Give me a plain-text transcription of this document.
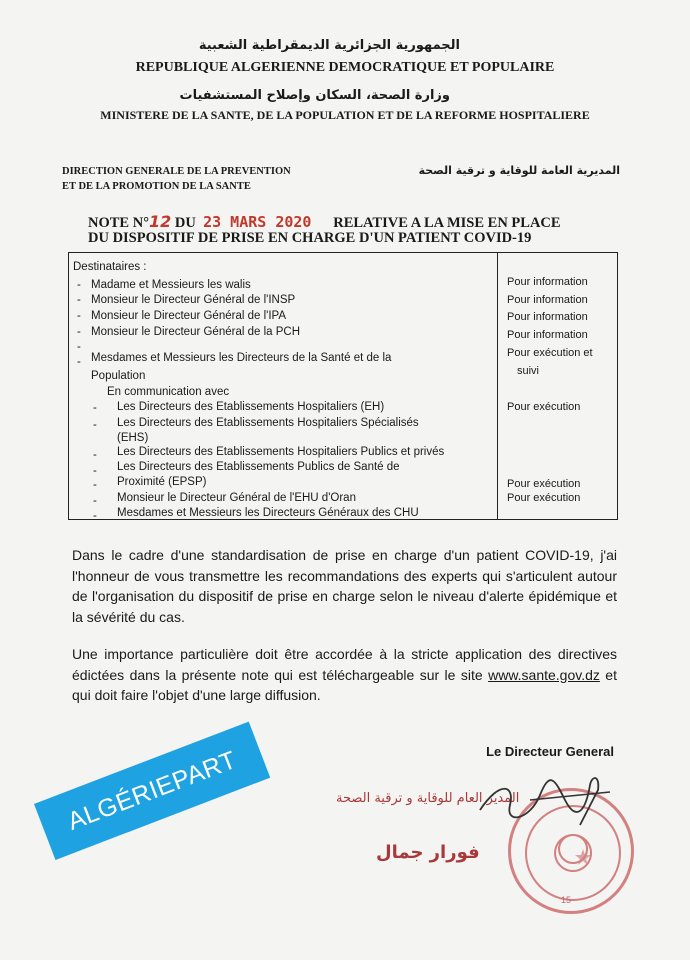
الجمهورية الجزائرية الديمقراطية الشعبية
REPUBLIQUE ALGERIENNE DEMOCRATIQUE ET POPULAIRE
وزارة الصحة، السكان وإصلاح المستشفيات
MINISTERE DE LA SANTE, DE LA POPULATION ET DE LA REFORME HOSPITALIERE
DIRECTION GENERALE DE LA PREVENTION
ET DE LA PROMOTION DE LA SANTE
المديرية العامة للوقاية و ترقية الصحة
NOTE N°12 DU 23 MARS 2020 RELATIVE A LA MISE EN PLACE
DU DISPOSITIF DE PRISE EN CHARGE D'UN PATIENT COVID-19
Destinataires :
- Madame et Messieurs les walis
- Monsieur le Directeur Général de l'INSP
- Monsieur le Directeur Général de l'IPA
- Monsieur le Directeur Général de la PCH
-
- Mesdames et Messieurs les Directeurs de la Santé et de la
Population
En communication avec
- Les Directeurs des Etablissements Hospitaliers (EH)
- Les Directeurs des Etablissements Hospitaliers Spécialisés
(EHS)
- Les Directeurs des Etablissements Hospitaliers Publics et privés
- Les Directeurs des Etablissements Publics de Santé de
- Proximité (EPSP)
- Monsieur le Directeur Général de l'EHU d'Oran
- Mesdames et Messieurs les Directeurs Généraux des CHU
Pour information
Pour information
Pour information
Pour information
Pour exécution et
suivi
Pour exécution
Pour exécution
Pour exécution
Dans le cadre d'une standardisation de prise en charge d'un patient COVID-19, j'ai l'honneur de vous transmettre les recommandations des experts qui s'articulent autour de l'organisation du dispositif de prise en charge selon le niveau d'alerte épidémique et la sévérité du cas.
Une importance particulière doit être accordée à la stricte application des directives édictées dans la présente note qui est téléchargeable sur le site www.sante.gov.dz et qui doit faire l'objet d'une large diffusion.
Le Directeur General
15
المدير العام للوقاية و ترقية الصحة
فورار جمال
ALGÉRIEPART
